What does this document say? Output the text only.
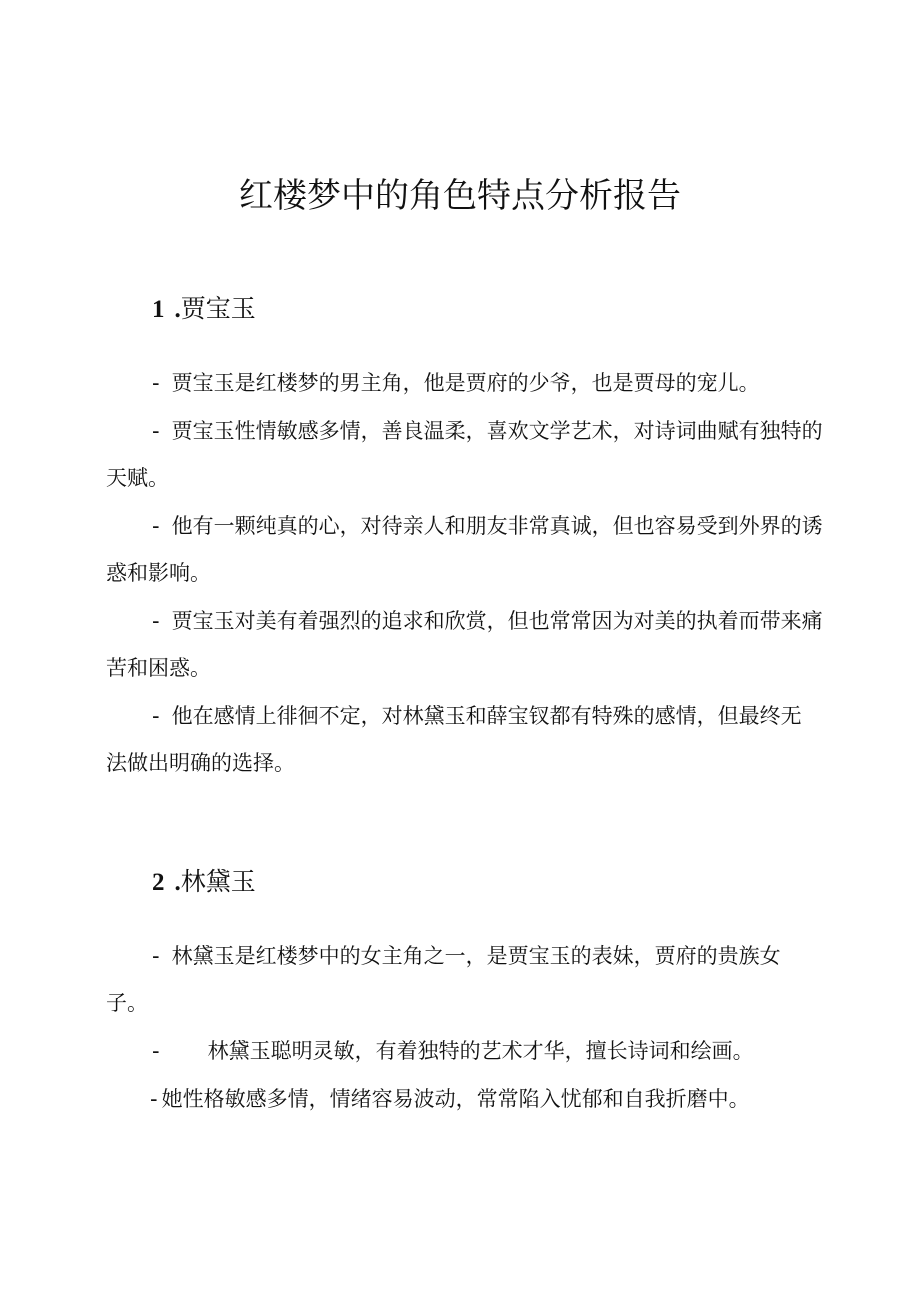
红楼梦中的角色特点分析报告
1 .贾宝玉

- 贾宝玉是红楼梦的男主角，他是贾府的少爷，也是贾母的宠儿。

- 贾宝玉性情敏感多情，善良温柔，喜欢文学艺术，对诗词曲赋有独特的天赋。

- 他有一颗纯真的心，对待亲人和朋友非常真诚，但也容易受到外界的诱惑和影响。

- 贾宝玉对美有着强烈的追求和欣赏，但也常常因为对美的执着而带来痛苦和困惑。

- 他在感情上徘徊不定，对林黛玉和薛宝钗都有特殊的感情，但最终无法做出明确的选择。

2 .林黛玉

- 林黛玉是红楼梦中的女主角之一，是贾宝玉的表妹，贾府的贵族女子。

- 林黛玉聪明灵敏，有着独特的艺术才华，擅长诗词和绘画。

- 她性格敏感多情，情绪容易波动，常常陷入忧郁和自我折磨中。
